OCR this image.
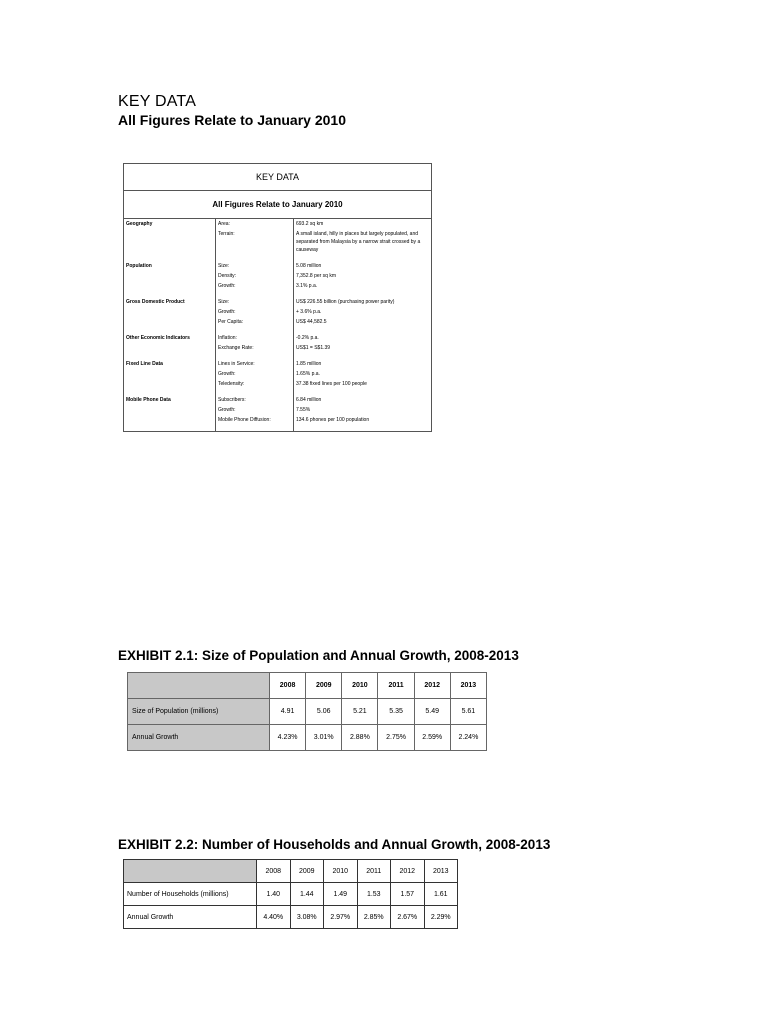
KEY DATA
All Figures Relate to January 2010
KEY DATA		
All Figures Relate to January 2010		
Geography	Area:	693.2 sq km
	Terrain:	A small island, hilly in places but largely populated, and separated from Malaysia by a narrow strait crossed by a causeway

Population	Size:	5.08 million
	Density:	7,352.8 per sq km
	Growth:	3.1% p.a.

Gross Domestic Product	Size:	US$ 226.55 billion (purchasing power parity)
	Growth:	+ 3.6% p.a.
	Per Capita:	US$ 44,582.5

Other Economic Indicators	Inflation:	-0.2% p.a.
	Exchange Rate:	US$1 = S$1.39

Fixed Line Data	Lines in Service:	1.85 million
	Growth:	1.65% p.a.
	Teledensity:	37.38 fixed lines per 100 people

Mobile Phone Data	Subscribers:	6.84 million
	Growth:	7.55%
	Mobile Phone Diffusion:	134.6 phones per 100 population

EXHIBIT 2.1: Size of Population and Annual Growth, 2008-2013
	2008	2009	2010	2011	2012	2013
Size of Population (millions)	4.91	5.06	5.21	5.35	5.49	5.61
Annual Growth	4.23%	3.01%	2.88%	2.75%	2.59%	2.24%
EXHIBIT 2.2: Number of Households and Annual Growth, 2008-2013
	2008	2009	2010	2011	2012	2013
Number of Households (millions)	1.40	1.44	1.49	1.53	1.57	1.61
Annual Growth	4.40%	3.08%	2.97%	2.85%	2.67%	2.29%
